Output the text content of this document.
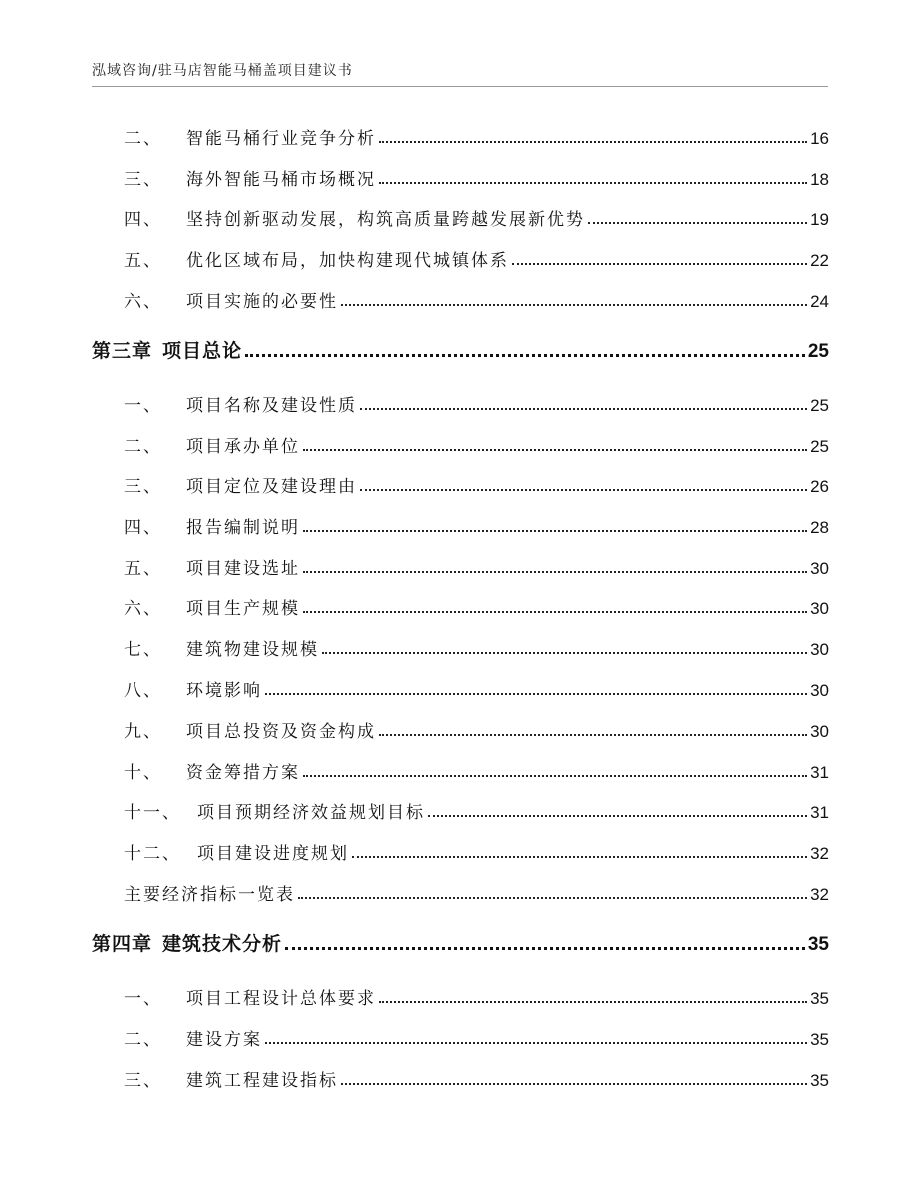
泓域咨询/驻马店智能马桶盖项目建议书
二、 智能马桶行业竞争分析	16
三、 海外智能马桶市场概况	18
四、 坚持创新驱动发展，构筑高质量跨越发展新优势	19
五、 优化区域布局，加快构建现代城镇体系	22
六、 项目实施的必要性	24
第三章 项目总论	25
一、 项目名称及建设性质	25
二、 项目承办单位	25
三、 项目定位及建设理由	26
四、 报告编制说明	28
五、 项目建设选址	30
六、 项目生产规模	30
七、 建筑物建设规模	30
八、 环境影响	30
九、 项目总投资及资金构成	30
十、 资金筹措方案	31
十一、 项目预期经济效益规划目标	31
十二、 项目建设进度规划	32
主要经济指标一览表	32
第四章 建筑技术分析	35
一、 项目工程设计总体要求	35
二、 建设方案	35
三、 建筑工程建设指标	35
